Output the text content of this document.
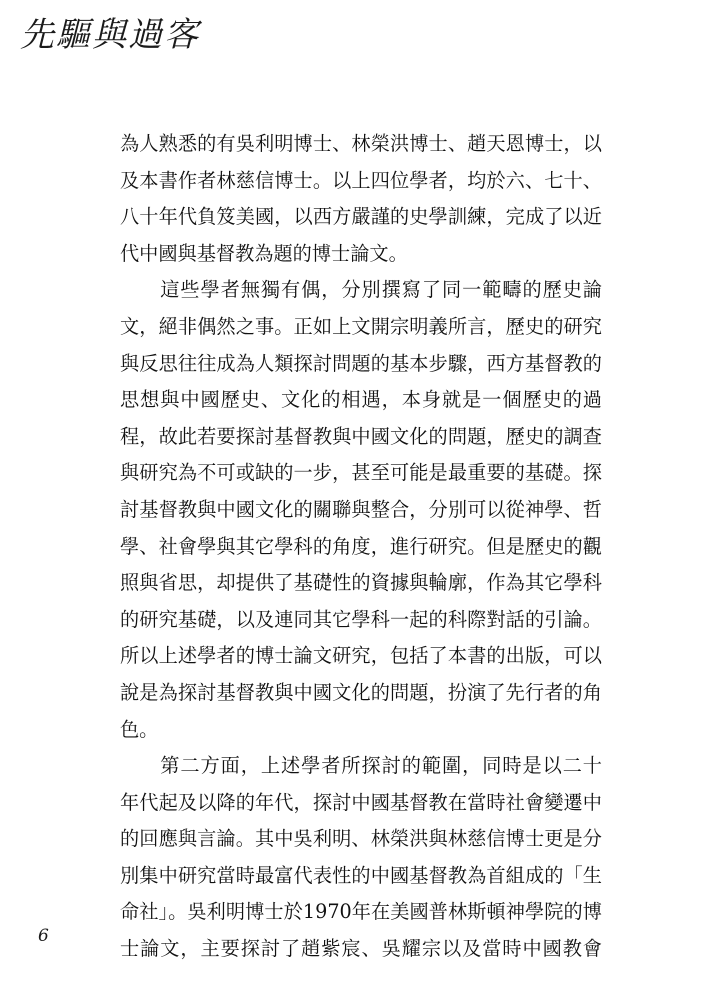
先驅與過客
為人熟悉的有吳利明博士、林榮洪博士、趙天恩博士，以
及本書作者林慈信博士。以上四位學者，均於六、七十、
八十年代負笈美國，以西方嚴謹的史學訓練，完成了以近
代中國與基督教為題的博士論文。
　　這些學者無獨有偶，分別撰寫了同一範疇的歷史論
文，絕非偶然之事。正如上文開宗明義所言，歷史的研究
與反思往往成為人類探討問題的基本步驟，西方基督教的
思想與中國歷史、文化的相遇，本身就是一個歷史的過
程，故此若要探討基督教與中國文化的問題，歷史的調查
與研究為不可或缺的一步，甚至可能是最重要的基礎。探
討基督教與中國文化的關聯與整合，分別可以從神學、哲
學、社會學與其它學科的角度，進行研究。但是歷史的觀
照與省思，却提供了基礎性的資據與輪廓，作為其它學科
的研究基礎，以及連同其它學科一起的科際對話的引論。
所以上述學者的博士論文研究，包括了本書的出版，可以
說是為探討基督教與中國文化的問題，扮演了先行者的角
色。
　　第二方面，上述學者所探討的範圍，同時是以二十
年代起及以降的年代，探討中國基督教在當時社會變遷中
的回應與言論。其中吳利明、林榮洪與林慈信博士更是分
別集中研究當時最富代表性的中國基督教為首組成的「生
命社」。吳利明博士於1970年在美國普林斯頓神學院的博
士論文，主要探討了趙紫宸、吳耀宗以及當時中國教會
6
